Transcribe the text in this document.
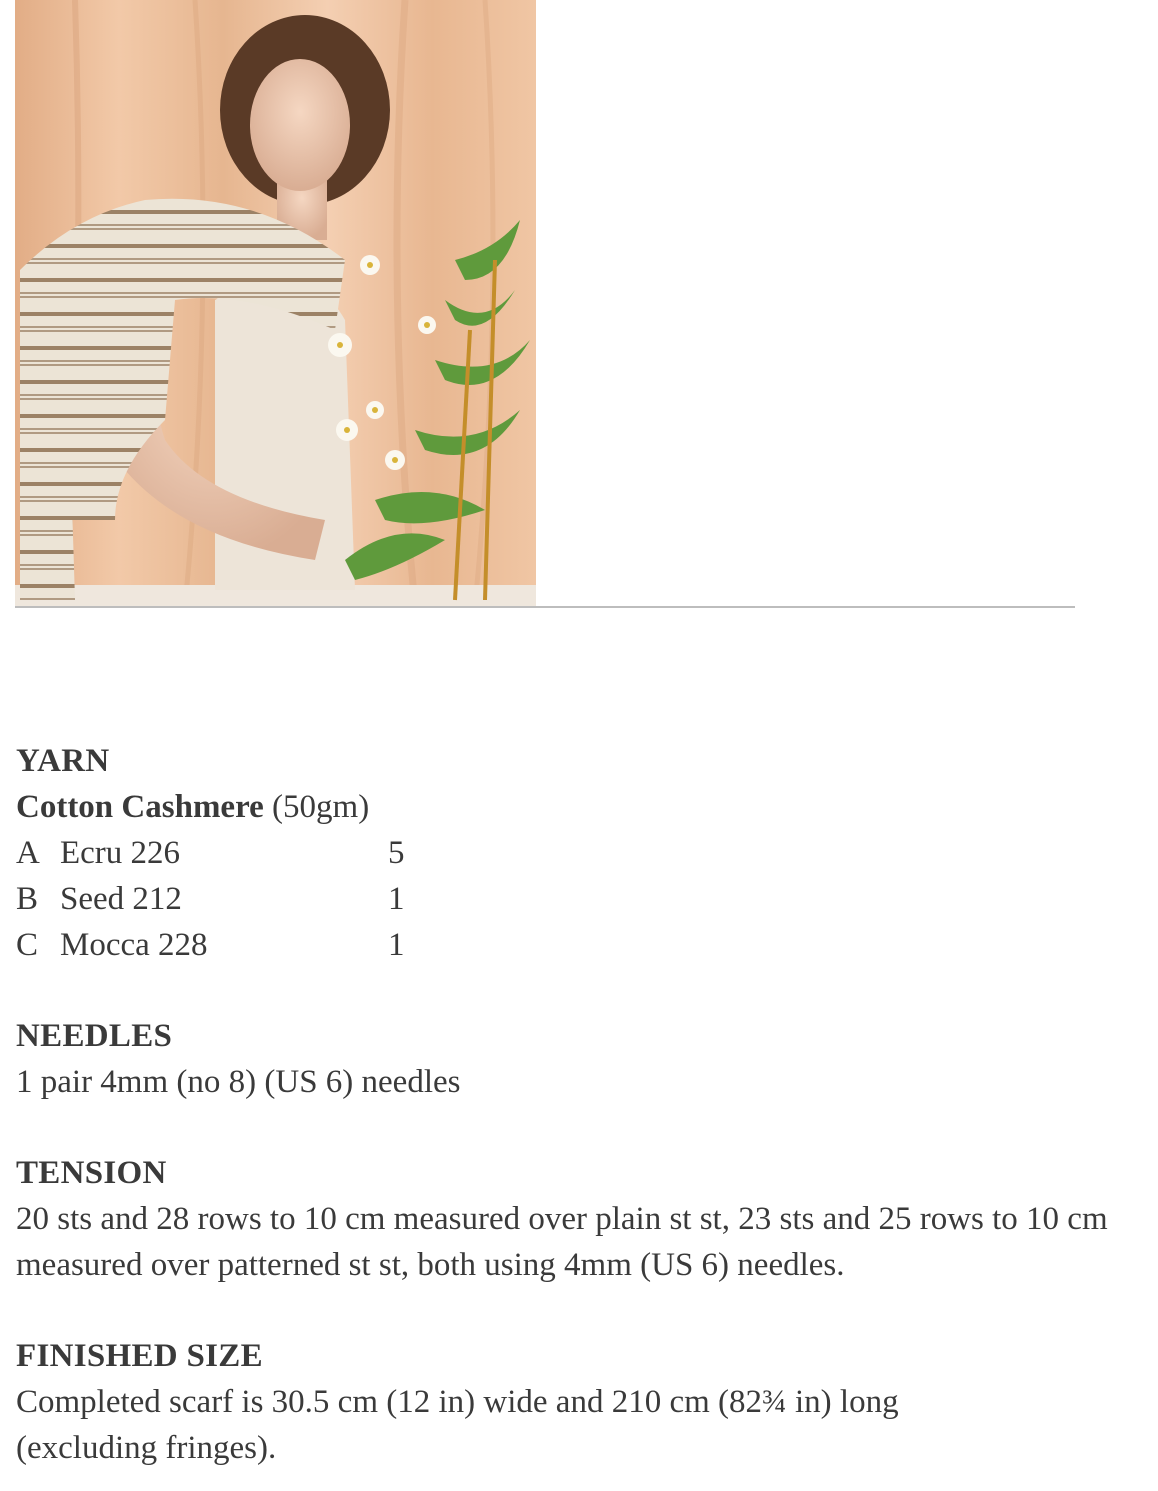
YARN
Cotton Cashmere (50gm)
A Ecru 226	5
B Seed 212	1
C Mocca 228	1
NEEDLES

1 pair 4mm (no 8) (US 6) needles

TENSION

20 sts and 28 rows to 10 cm measured over plain st st, 23 sts and 25 rows to 10 cm measured over patterned st st, both using 4mm (US 6) needles.

FINISHED SIZE

Completed scarf is 30.5 cm (12 in) wide and 210 cm (82¾ in) long (excluding fringes).
